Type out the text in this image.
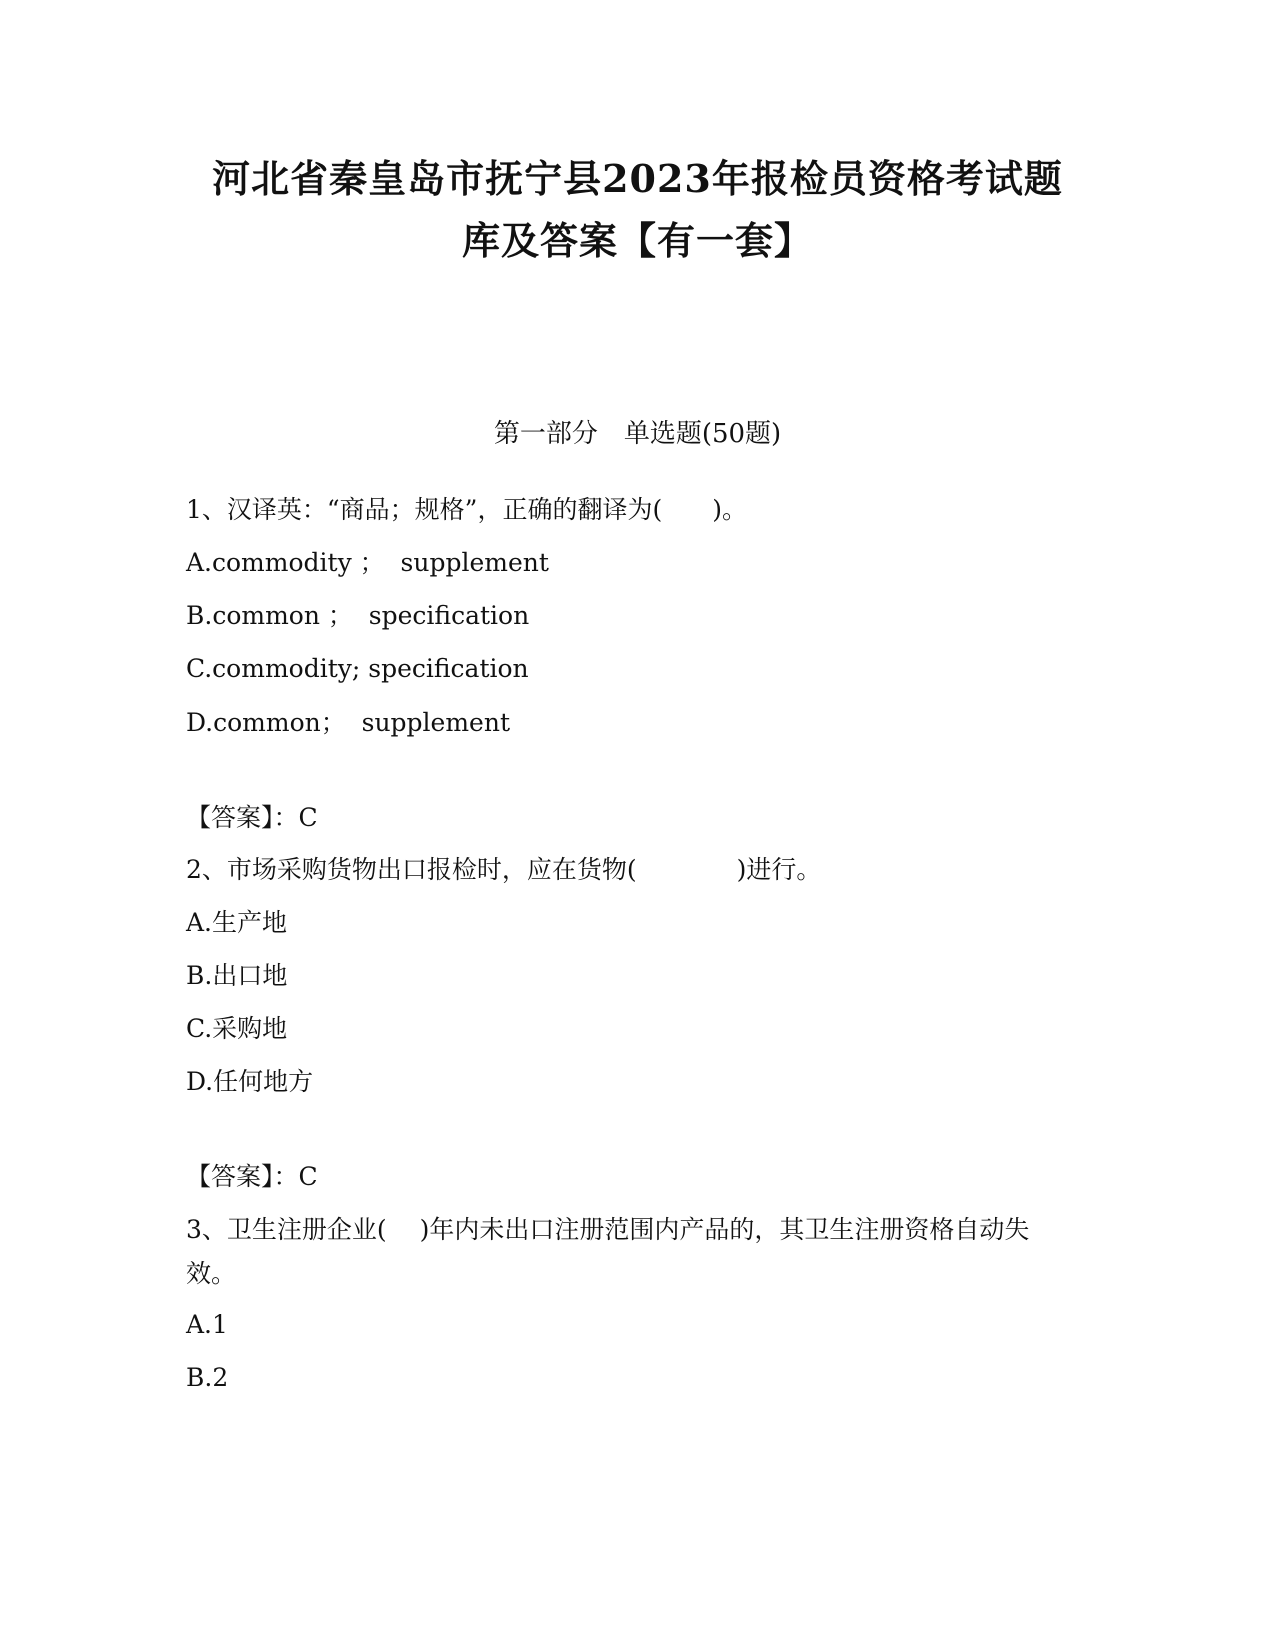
河北省秦皇岛市抚宁县2023年报检员资格考试题
库及答案【有一套】
第一部分　单选题(50题)
1、汉译英：“商品；规格”，正确的翻译为(　　)。
A.commodity ；  supplement
B.common ；  specification
C.commodity; specification
D.common；  supplement
【答案】：C
2、市场采购货物出口报检时，应在货物(　　　　)进行。
A.生产地
B.出口地
C.采购地
D.任何地方
【答案】：C
3、卫生注册企业(　 )年内未出口注册范围内产品的，其卫生注册资格自动失效。
A.1
B.2
